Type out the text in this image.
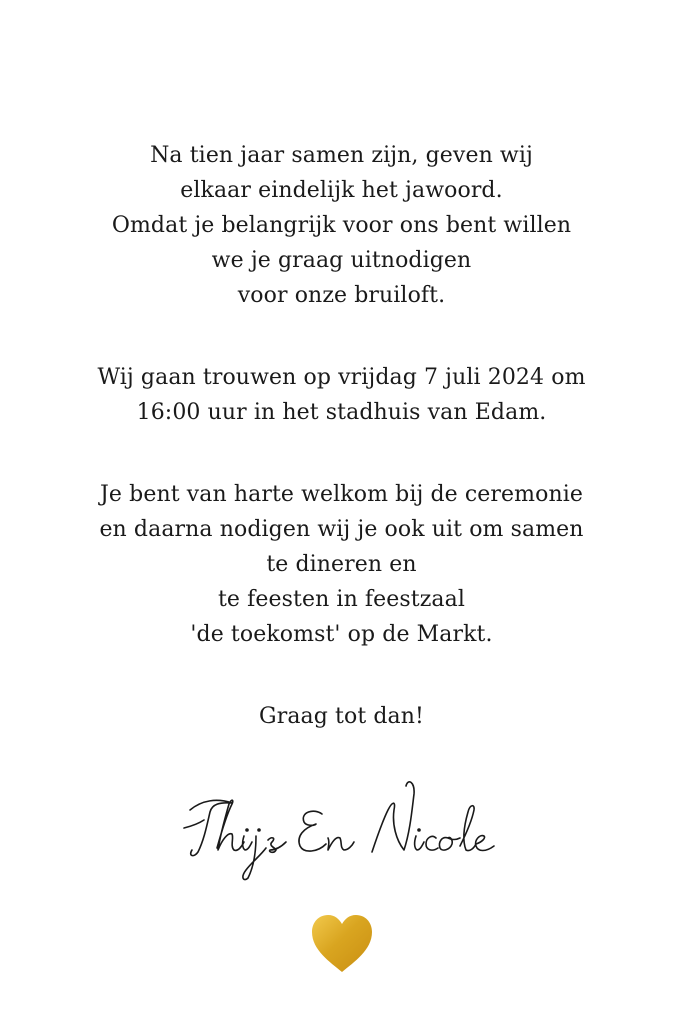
Na tien jaar samen zijn, geven wij
elkaar eindelijk het jawoord.
Omdat je belangrijk voor ons bent willen
we je graag uitnodigen
voor onze bruiloft.
Wij gaan trouwen op vrijdag 7 juli 2024 om
16:00 uur in het stadhuis van Edam.
Je bent van harte welkom bij de ceremonie
en daarna nodigen wij je ook uit om samen
te dineren en
te feesten in feestzaal
'de toekomst' op de Markt.
Graag tot dan!
